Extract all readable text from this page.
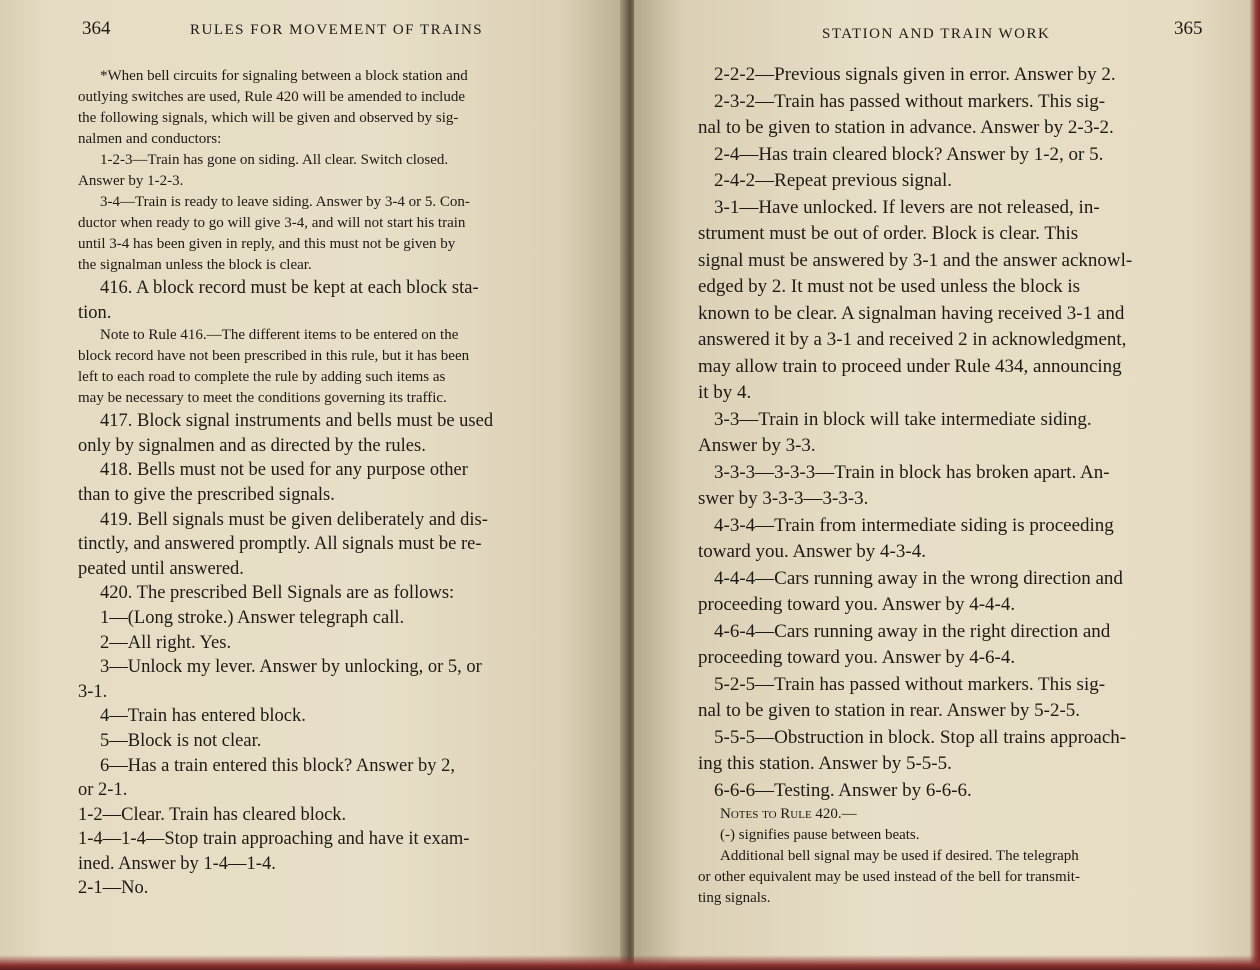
364	RULES FOR MOVEMENT OF TRAINS

*When bell circuits for signaling between a block station and

outlying switches are used, Rule 420 will be amended to include

the following signals, which will be given and observed by sig-

nalmen and conductors:

1-2-3—Train has gone on siding. All clear. Switch closed.

Answer by 1-2-3.

3-4—Train is ready to leave siding. Answer by 3-4 or 5. Con-

ductor when ready to go will give 3-4, and will not start his train

until 3-4 has been given in reply, and this must not be given by

the signalman unless the block is clear.

416. A block record must be kept at each block sta-

tion.

Note to Rule 416.—The different items to be entered on the

block record have not been prescribed in this rule, but it has been

left to each road to complete the rule by adding such items as

may be necessary to meet the conditions governing its traffic.

417. Block signal instruments and bells must be used

only by signalmen and as directed by the rules.

418. Bells must not be used for any purpose other

than to give the prescribed signals.

419. Bell signals must be given deliberately and dis-

tinctly, and answered promptly. All signals must be re-

peated until answered.

420. The prescribed Bell Signals are as follows:

1—(Long stroke.) Answer telegraph call.

2—All right. Yes.

3—Unlock my lever. Answer by unlocking, or 5, or

3-1.

4—Train has entered block.

5—Block is not clear.

6—Has a train entered this block? Answer by 2,

or 2-1.

1-2—Clear. Train has cleared block.

1-4—1-4—Stop train approaching and have it exam-

ined. Answer by 1-4—1-4.

2-1—No.

STATION AND TRAIN WORK	365

2-2-2—Previous signals given in error. Answer by 2.

2-3-2—Train has passed without markers. This sig-

nal to be given to station in advance. Answer by 2-3-2.

2-4—Has train cleared block? Answer by 1-2, or 5.

2-4-2—Repeat previous signal.

3-1—Have unlocked. If levers are not released, in-

strument must be out of order. Block is clear. This

signal must be answered by 3-1 and the answer acknowl-

edged by 2. It must not be used unless the block is

known to be clear. A signalman having received 3-1 and

answered it by a 3-1 and received 2 in acknowledgment,

may allow train to proceed under Rule 434, announcing

it by 4.

3-3—Train in block will take intermediate siding.

Answer by 3-3.

3-3-3—3-3-3—Train in block has broken apart. An-

swer by 3-3-3—3-3-3.

4-3-4—Train from intermediate siding is proceeding

toward you. Answer by 4-3-4.

4-4-4—Cars running away in the wrong direction and

proceeding toward you. Answer by 4-4-4.

4-6-4—Cars running away in the right direction and

proceeding toward you. Answer by 4-6-4.

5-2-5—Train has passed without markers. This sig-

nal to be given to station in rear. Answer by 5-2-5.

5-5-5—Obstruction in block. Stop all trains approach-

ing this station. Answer by 5-5-5.

6-6-6—Testing. Answer by 6-6-6.

Notes to Rule 420.—

(-) signifies pause between beats.

Additional bell signal may be used if desired. The telegraph

or other equivalent may be used instead of the bell for transmit-

ting signals.
